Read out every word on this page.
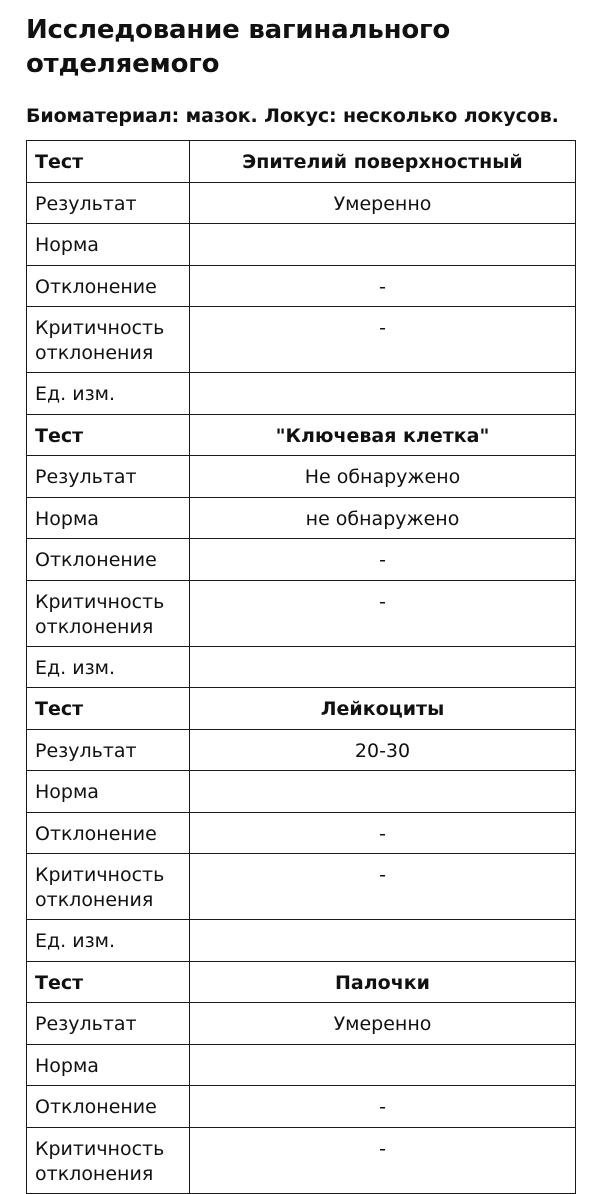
Исследование вагинального отделяемого

Биоматериал: мазок. Локус: несколько локусов.

Тест	Эпителий поверхностный
Результат	Умеренно
Норма	
Отклонение	-
Критичность отклонения	-
Ед. изм.	
Тест	"Ключевая клетка"
Результат	Не обнаружено
Норма	не обнаружено
Отклонение	-
Критичность отклонения	-
Ед. изм.	
Тест	Лейкоциты
Результат	20-30
Норма	
Отклонение	-
Критичность отклонения	-
Ед. изм.	
Тест	Палочки
Результат	Умеренно
Норма	
Отклонение	-
Критичность отклонения	-
